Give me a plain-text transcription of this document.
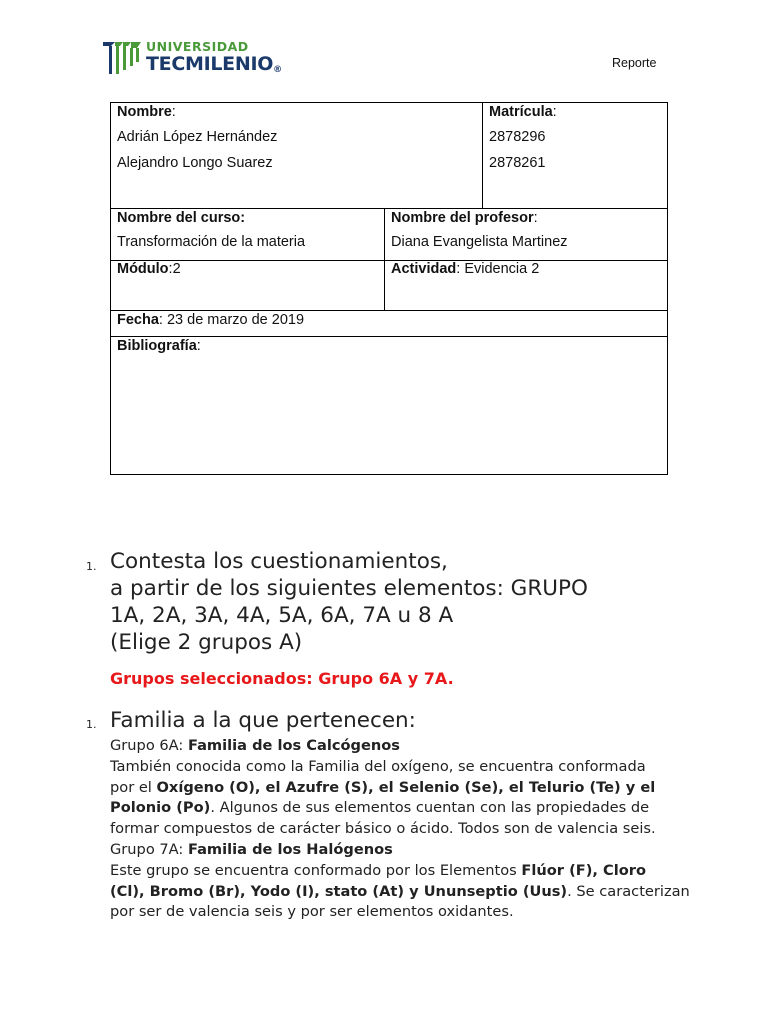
UNIVERSIDAD
TECMILENIO®	Reporte
Nombre:
Adrián López Hernández
Alejandro Longo Suarez
Matrícula:
2878296
2878261
Nombre del curso:
Transformación de la materia
Nombre del profesor:
Diana Evangelista Martinez
Módulo:2	Actividad: Evidencia 2
Fecha: 23 de marzo de 2019
Bibliografía:
1. Contesta los cuestionamientos,
a partir de los siguientes elementos: GRUPO
1A, 2A, 3A, 4A, 5A, 6A, 7A u 8 A
(Elige 2 grupos A)
Grupos seleccionados: Grupo 6A y 7A.
1. Familia a la que pertenecen:
Grupo 6A: Familia de los Calcógenos
También conocida como la Familia del oxígeno, se encuentra conformada
por el Oxígeno (O), el Azufre (S), el Selenio (Se), el Telurio (Te) y el
Polonio (Po). Algunos de sus elementos cuentan con las propiedades de
formar compuestos de carácter básico o ácido. Todos son de valencia seis.
Grupo 7A: Familia de los Halógenos
Este grupo se encuentra conformado por los Elementos Flúor (F), Cloro
(Cl), Bromo (Br), Yodo (I), stato (At) y Ununseptio (Uus). Se caracterizan
por ser de valencia seis y por ser elementos oxidantes.
